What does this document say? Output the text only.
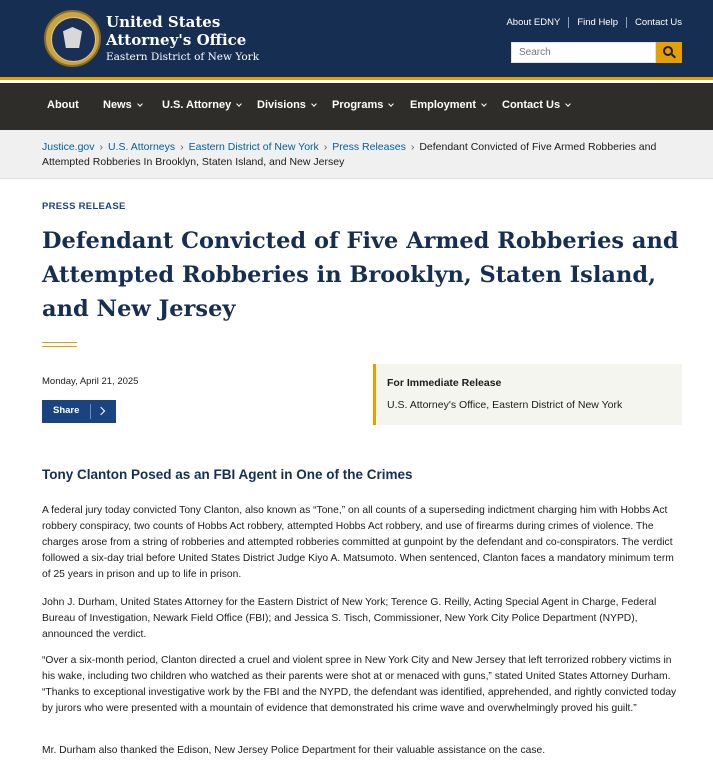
United States
Attorney's Office
Eastern District of New York
About EDNY	Find Help	Contact Us
Search
About News	U.S. Attorney	Divisions	Programs	Employment	Contact Us
Justice.gov › U.S. Attorneys › Eastern District of New York › Press Releases › Defendant Convicted of Five Armed Robberies and Attempted Robberies In Brooklyn, Staten Island, and New Jersey
PRESS RELEASE
Defendant Convicted of Five Armed Robberies and Attempted Robberies in Brooklyn, Staten Island, and New Jersey
Monday, April 21, 2025
Share
For Immediate Release
U.S. Attorney's Office, Eastern District of New York
Tony Clanton Posed as an FBI Agent in One of the Crimes

A federal jury today convicted Tony Clanton, also known as “Tone,” on all counts of a superseding indictment charging him with Hobbs Act robbery conspiracy, two counts of Hobbs Act robbery, attempted Hobbs Act robbery, and use of firearms during crimes of violence. The charges arose from a string of robberies and attempted robberies committed at gunpoint by the defendant and co-conspirators. The verdict followed a six-day trial before United States District Judge Kiyo A. Matsumoto. When sentenced, Clanton faces a mandatory minimum term of 25 years in prison and up to life in prison.

John J. Durham, United States Attorney for the Eastern District of New York; Terence G. Reilly, Acting Special Agent in Charge, Federal Bureau of Investigation, Newark Field Office (FBI); and Jessica S. Tisch, Commissioner, New York City Police Department (NYPD), announced the verdict.

“Over a six-month period, Clanton directed a cruel and violent spree in New York City and New Jersey that left terrorized robbery victims in his wake, including two children who watched as their parents were shot at or menaced with guns,” stated United States Attorney Durham. “Thanks to exceptional investigative work by the FBI and the NYPD, the defendant was identified, apprehended, and rightly convicted today by jurors who were presented with a mountain of evidence that demonstrated his crime wave and overwhelmingly proved his guilt.”

Mr. Durham also thanked the Edison, New Jersey Police Department for their valuable assistance on the case.
